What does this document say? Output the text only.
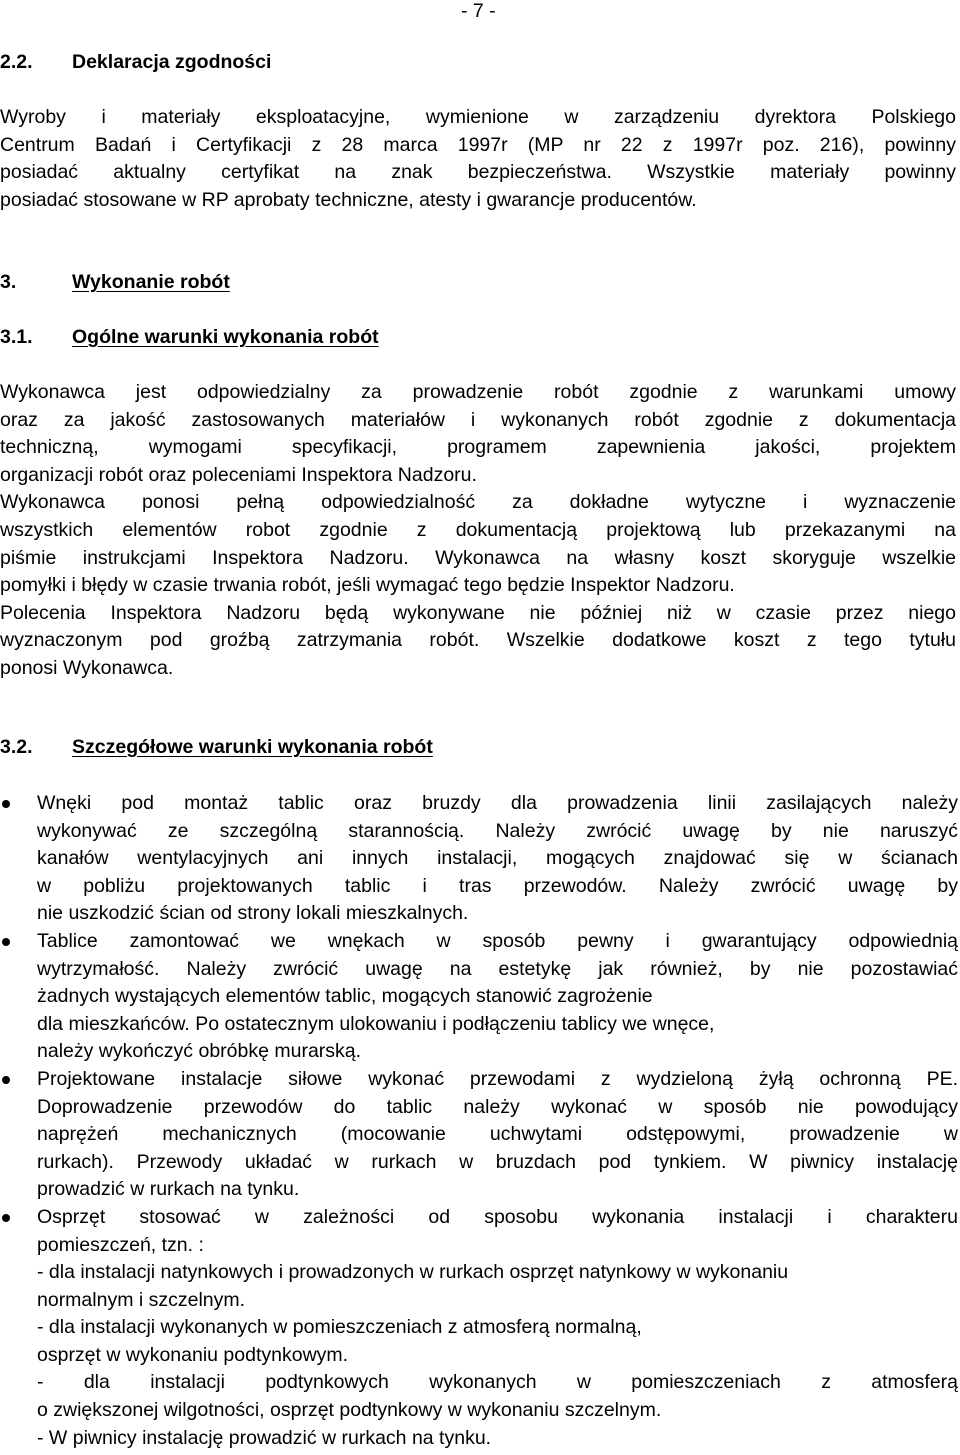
- 7 -
2.2. Deklaracja zgodności
Wyroby i materiały eksploatacyjne, wymienione w zarządzeniu dyrektora Polskiego
Centrum Badań i Certyfikacji z 28 marca 1997r (MP nr 22 z 1997r poz. 216), powinny
posiadać aktualny certyfikat na znak bezpieczeństwa. Wszystkie materiały powinny
posiadać stosowane w RP aprobaty techniczne, atesty i gwarancje producentów.
3.	Wykonanie robót
3.1. Ogólne warunki wykonania robót
Wykonawca jest odpowiedzialny za prowadzenie robót zgodnie z warunkami umowy
oraz za jakość zastosowanych materiałów i wykonanych robót zgodnie z dokumentacja
techniczną, wymogami specyfikacji, programem zapewnienia jakości, projektem
organizacji robót oraz poleceniami Inspektora Nadzoru.
Wykonawca ponosi pełną odpowiedzialność za dokładne wytyczne i wyznaczenie
wszystkich elementów robot zgodnie z dokumentacją projektową lub przekazanymi na
piśmie instrukcjami Inspektora Nadzoru. Wykonawca na własny koszt skoryguje wszelkie
pomyłki i błędy w czasie trwania robót, jeśli wymagać tego będzie Inspektor Nadzoru.
Polecenia Inspektora Nadzoru będą wykonywane nie później niż w czasie przez niego
wyznaczonym pod groźbą zatrzymania robót. Wszelkie dodatkowe koszt z tego tytułu
ponosi Wykonawca.
3.2. Szczegółowe warunki wykonania robót
Wnęki pod montaż tablic oraz bruzdy dla prowadzenia linii zasilających należy
wykonywać ze szczególną starannością. Należy zwrócić uwagę by nie naruszyć
kanałów wentylacyjnych ani innych instalacji, mogących znajdować się w ścianach
w pobliżu projektowanych tablic i tras przewodów. Należy zwrócić uwagę by
nie uszkodzić ścian od strony lokali mieszkalnych.
Tablice zamontować we wnękach w sposób pewny i gwarantujący odpowiednią
wytrzymałość. Należy zwrócić uwagę na estetykę jak również, by nie pozostawiać
żadnych wystających elementów tablic, mogących stanowić zagrożenie
dla mieszkańców. Po ostatecznym ulokowaniu i podłączeniu tablicy we wnęce,
należy wykończyć obróbkę murarską.
Projektowane instalacje siłowe wykonać przewodami z wydzieloną żyłą ochronną PE.
Doprowadzenie przewodów do tablic należy wykonać w sposób nie powodujący
naprężeń mechanicznych (mocowanie uchwytami odstępowymi, prowadzenie w
rurkach). Przewody układać w rurkach w bruzdach pod tynkiem. W piwnicy instalację
prowadzić w rurkach na tynku.
Osprzęt stosować w zależności od sposobu wykonania instalacji i charakteru
pomieszczeń, tzn. :
- dla instalacji natynkowych i prowadzonych w rurkach osprzęt natynkowy w wykonaniu
normalnym i szczelnym.
- dla instalacji wykonanych w pomieszczeniach z atmosferą normalną,
osprzęt w wykonaniu podtynkowym.
- dla instalacji podtynkowych wykonanych w pomieszczeniach z atmosferą
o zwiększonej wilgotności, osprzęt podtynkowy w wykonaniu szczelnym.
- W piwnicy instalację prowadzić w rurkach na tynku.
